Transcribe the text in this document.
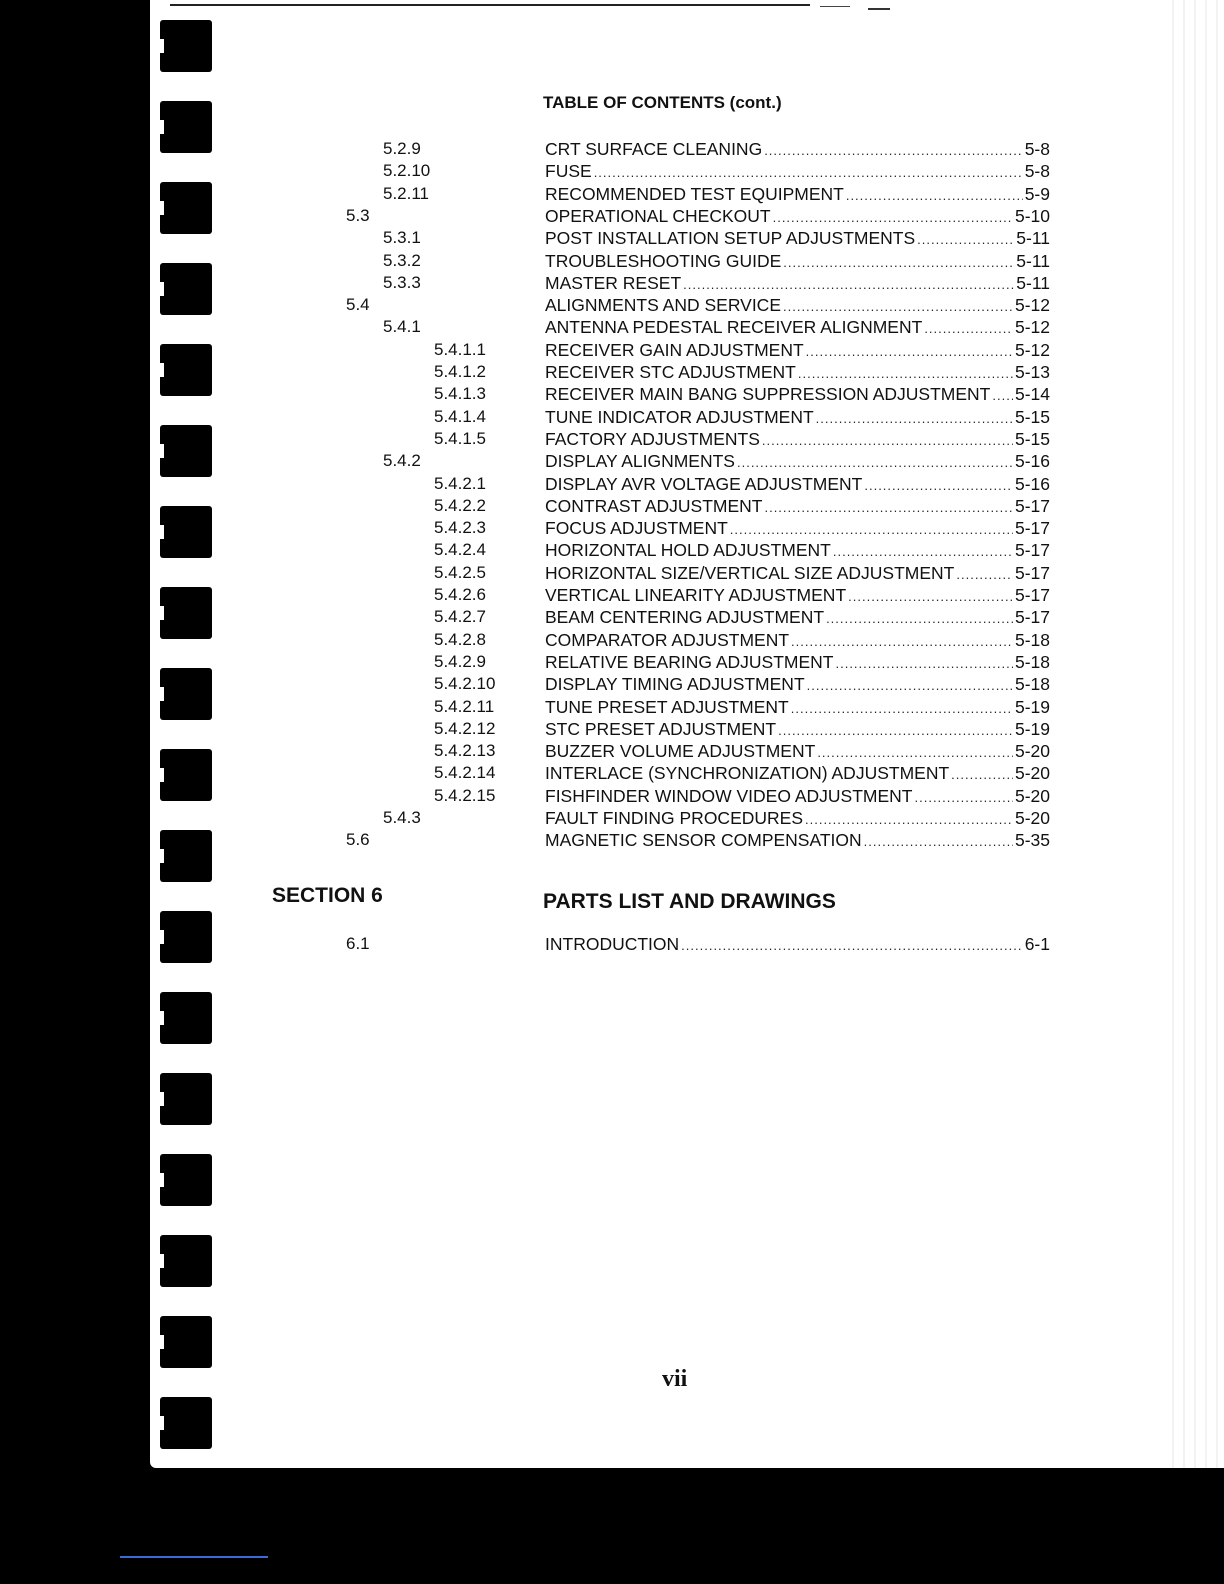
TABLE OF CONTENTS (cont.)
5.2.9	CRT SURFACE CLEANING .....	5-8
5.2.10	FUSE .....	5-8
5.2.11	RECOMMENDED TEST EQUIPMENT .....	5-9
5.3	OPERATIONAL CHECKOUT .....	5-10
5.3.1	POST INSTALLATION SETUP ADJUSTMENTS .....	5-11
5.3.2	TROUBLESHOOTING GUIDE .....	5-11
5.3.3	MASTER RESET .....	5-11
5.4	ALIGNMENTS AND SERVICE .....	5-12
5.4.1	ANTENNA PEDESTAL RECEIVER ALIGNMENT .....	5-12
5.4.1.1	RECEIVER GAIN ADJUSTMENT .....	5-12
5.4.1.2	RECEIVER STC ADJUSTMENT .....	5-13
5.4.1.3	RECEIVER MAIN BANG SUPPRESSION ADJUSTMENT ..... 5-14
5.4.1.4	TUNE INDICATOR ADJUSTMENT .....	5-15
5.4.1.5	FACTORY ADJUSTMENTS .....	5-15
5.4.2	DISPLAY ALIGNMENTS .....	5-16
5.4.2.1	DISPLAY AVR VOLTAGE ADJUSTMENT .....	5-16
5.4.2.2	CONTRAST ADJUSTMENT .....	5-17
5.4.2.3	FOCUS ADJUSTMENT .....	5-17
5.4.2.4	HORIZONTAL HOLD ADJUSTMENT .....	5-17
5.4.2.5	HORIZONTAL SIZE/VERTICAL SIZE ADJUSTMENT .....	5-17
5.4.2.6	VERTICAL LINEARITY ADJUSTMENT .....	5-17
5.4.2.7	BEAM CENTERING ADJUSTMENT .....	5-17
5.4.2.8	COMPARATOR ADJUSTMENT .....	5-18
5.4.2.9	RELATIVE BEARING ADJUSTMENT .....	5-18
5.4.2.10	DISPLAY TIMING ADJUSTMENT .....	5-18
5.4.2.11	TUNE PRESET ADJUSTMENT .....	5-19
5.4.2.12	STC PRESET ADJUSTMENT .....	5-19
5.4.2.13	BUZZER VOLUME ADJUSTMENT .....	5-20
5.4.2.14	INTERLACE (SYNCHRONIZATION) ADJUSTMENT .....	5-20
5.4.2.15	FISHFINDER WINDOW VIDEO ADJUSTMENT .....	5-20
5.4.3	FAULT FINDING PROCEDURES .....	5-20
5.6	MAGNETIC SENSOR COMPENSATION .....	5-35
SECTION 6	PARTS LIST AND DRAWINGS
6.1	INTRODUCTION .....	6-1
vii
